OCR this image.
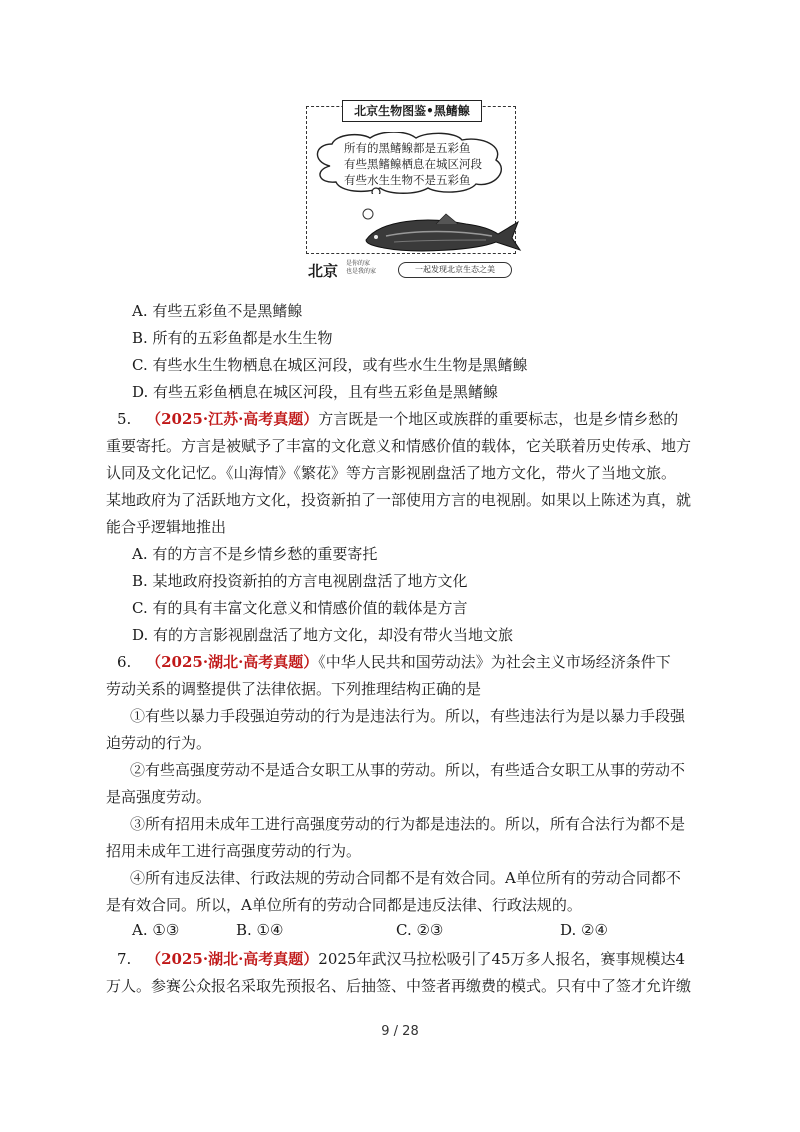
北京生物图鉴•黑鳍鳈
所有的黑鳍鳈都是五彩鱼
有些黑鳍鳈栖息在城区河段
有些水生生物不是五彩鱼
北京 是你的家
也是我的家	一起发现北京生态之美
A. 有些五彩鱼不是黑鳍鳈
B. 所有的五彩鱼都是水生生物
C. 有些水生生物栖息在城区河段，或有些水生生物是黑鳍鳈
D. 有些五彩鱼栖息在城区河段，且有些五彩鱼是黑鳍鳈
5. （2025·江苏·高考真题）方言既是一个地区或族群的重要标志，也是乡情乡愁的
重要寄托。方言是被赋予了丰富的文化意义和情感价值的载体，它关联着历史传承、地方
认同及文化记忆。《山海情》《繁花》等方言影视剧盘活了地方文化，带火了当地文旅。
某地政府为了活跃地方文化，投资新拍了一部使用方言的电视剧。如果以上陈述为真，就
能合乎逻辑地推出
A. 有的方言不是乡情乡愁的重要寄托
B. 某地政府投资新拍的方言电视剧盘活了地方文化
C. 有的具有丰富文化意义和情感价值的载体是方言
D. 有的方言影视剧盘活了地方文化，却没有带火当地文旅
6. （2025·湖北·高考真题）《中华人民共和国劳动法》为社会主义市场经济条件下
劳动关系的调整提供了法律依据。下列推理结构正确的是
①有些以暴力手段强迫劳动的行为是违法行为。所以，有些违法行为是以暴力手段强
迫劳动的行为。
②有些高强度劳动不是适合女职工从事的劳动。所以，有些适合女职工从事的劳动不
是高强度劳动。
③所有招用未成年工进行高强度劳动的行为都是违法的。所以，所有合法行为都不是
招用未成年工进行高强度劳动的行为。
④所有违反法律、行政法规的劳动合同都不是有效合同。A单位所有的劳动合同都不
是有效合同。所以，A单位所有的劳动合同都是违反法律、行政法规的。
A. ①③	B. ①④	C. ②③	D. ②④
7. （2025·湖北·高考真题）2025年武汉马拉松吸引了45万多人报名，赛事规模达4
万人。参赛公众报名采取先预报名、后抽签、中签者再缴费的模式。只有中了签才允许缴
9 / 28
